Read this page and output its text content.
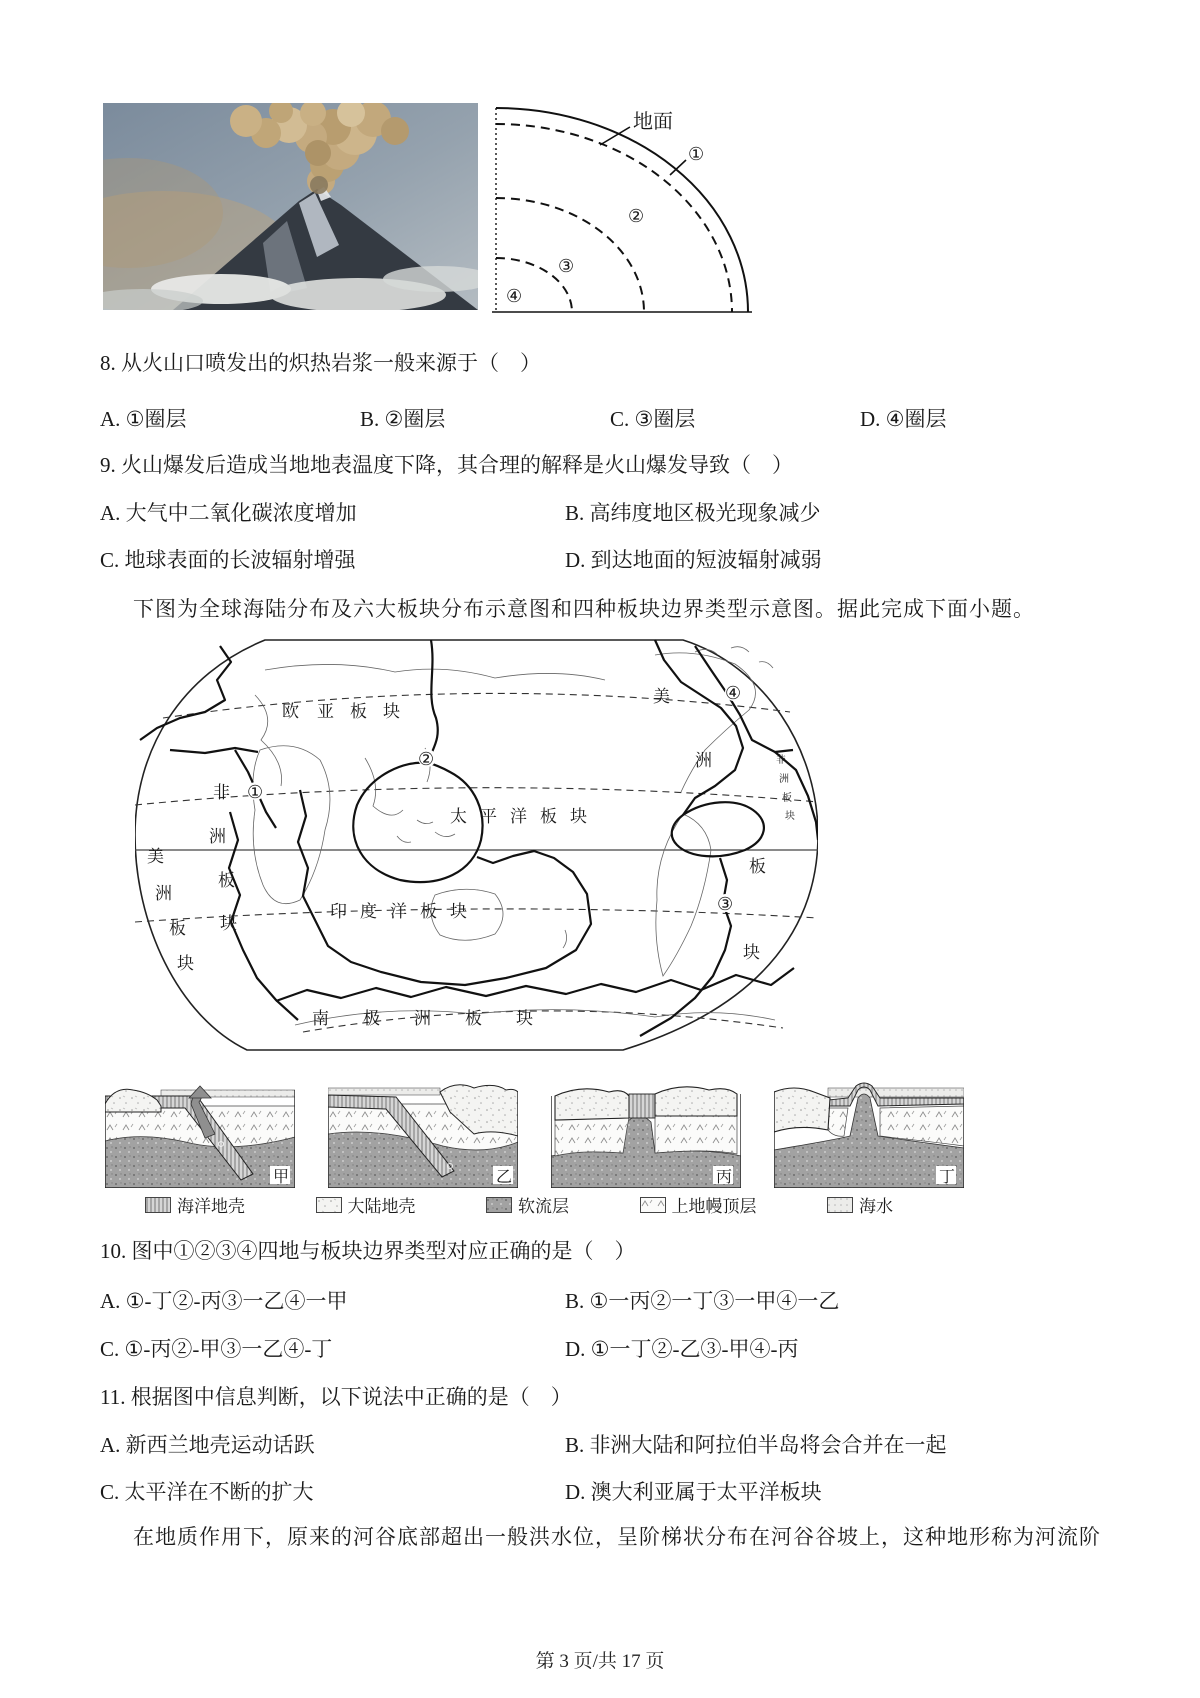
地面
①
②
③
④
8. 从火山口喷发出的炽热岩浆一般来源于（　）
A. ①圈层	B. ②圈层	C. ③圈层	D. ④圈层
9. 火山爆发后造成当地地表温度下降，其合理的解释是火山爆发导致（　）
A. 大气中二氧化碳浓度增加	B. 高纬度地区极光现象减少
C. 地球表面的长波辐射增强	D. 到达地面的短波辐射减弱
下图为全球海陆分布及六大板块分布示意图和四种板块边界类型示意图。据此完成下面小题。
欧 亚 板 块
太 平 洋 板 块
印 度 洋 板 块
非
洲
板
块
美
洲
板
块
美
洲
板
块
南 极 洲 板 块
非
洲
板
块
①
②
③
④
甲	乙	丙	丁
海洋地壳	大陆地壳	软流层	上地幔顶层	海水
10. 图中①②③④四地与板块边界类型对应正确的是（　）
A. ①-丁②-丙③一乙④一甲	B. ①一丙②一丁③一甲④一乙
C. ①-丙②-甲③一乙④-丁	D. ①一丁②-乙③-甲④-丙
11. 根据图中信息判断，以下说法中正确的是（　）
A. 新西兰地壳运动话跃	B. 非洲大陆和阿拉伯半岛将会合并在一起
C. 太平洋在不断的扩大	D. 澳大利亚属于太平洋板块
在地质作用下，原来的河谷底部超出一般洪水位，呈阶梯状分布在河谷谷坡上，这种地形称为河流阶
第 3 页/共 17 页
